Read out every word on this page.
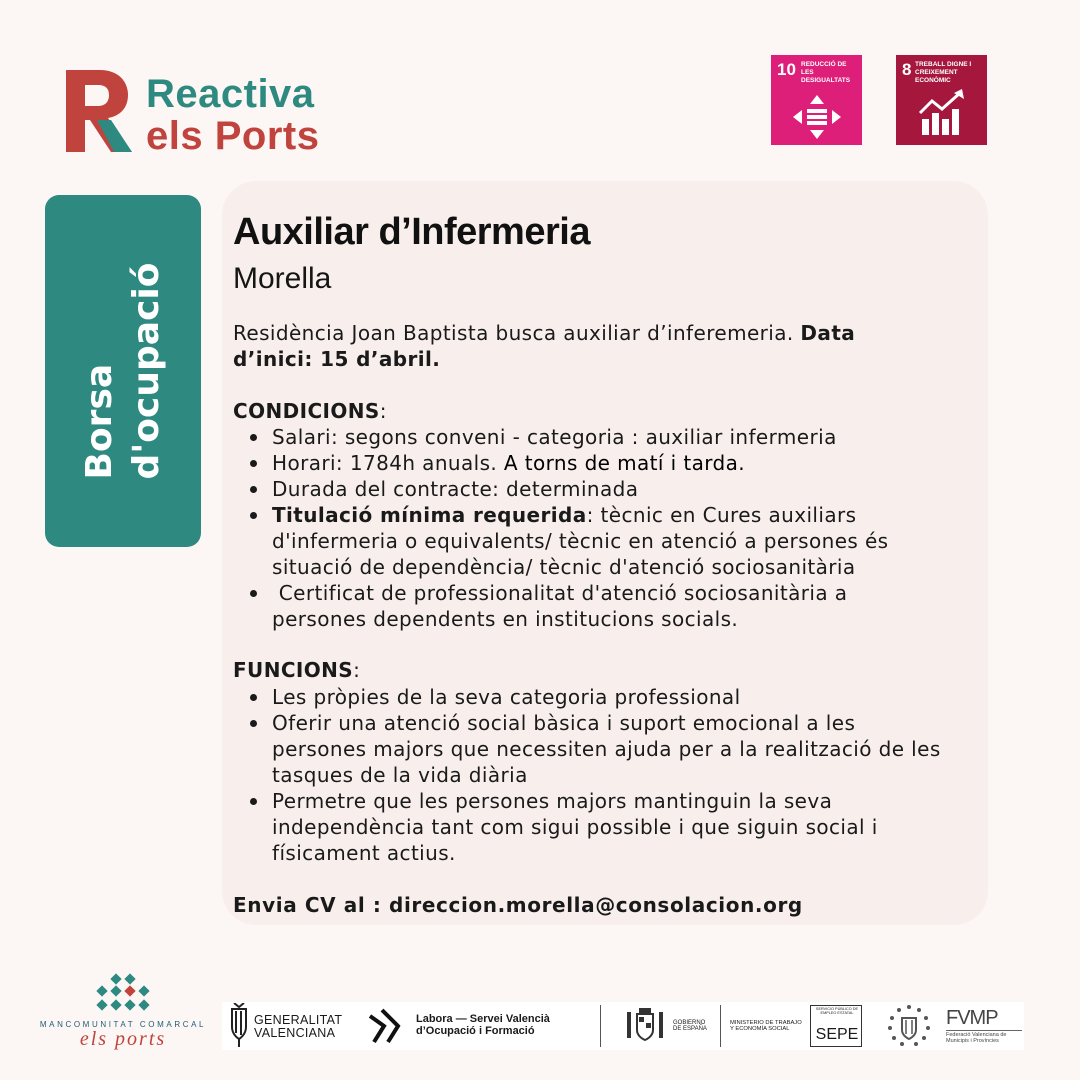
Reactiva
els Ports
10 REDUCCIÓ DE LES DESIGUALTATS
8 TREBALL DIGNE I CREIXEMENT ECONÒMIC
Borsa d'ocupació
Auxiliar d’Infermeria
Morella
Residència Joan Baptista busca auxiliar d’inferemeria. Data d’inici: 15 d’abril.
CONDICIONS:
Salari: segons conveni - categoria : auxiliar infermeria
Horari: 1784h anuals. A torns de matí i tarda.
Durada del contracte: determinada
Titulació mínima requerida: tècnic en Cures auxiliars d'infermeria o equivalents/ tècnic en atenció a persones és situació de dependència/ tècnic d'atenció sociosanitària
Certificat de professionalitat d'atenció sociosanitària a persones dependents en institucions socials.
FUNCIONS:
Les pròpies de la seva categoria professional
Oferir una atenció social bàsica i suport emocional a les persones majors que necessiten ajuda per a la realització de les tasques de la vida diària
Permetre que les persones majors mantinguin la seva independència tant com sigui possible i que siguin social i físicament actius.
Envia CV al : direccion.morella@consolacion.org
MANCOMUNITAT COMARCAL
els ports
GENERALITAT VALENCIANA
Labora — Servei Valencià d’Ocupació i Formació
GOBIERNO DE ESPAÑA
MINISTERIO DE TRABAJO Y ECONOMÍA SOCIAL
SERVICIO PÚBLICO DE EMPLEO ESTATAL
SEPE
FVMP
Federació Valenciana de Municipis i Províncies
